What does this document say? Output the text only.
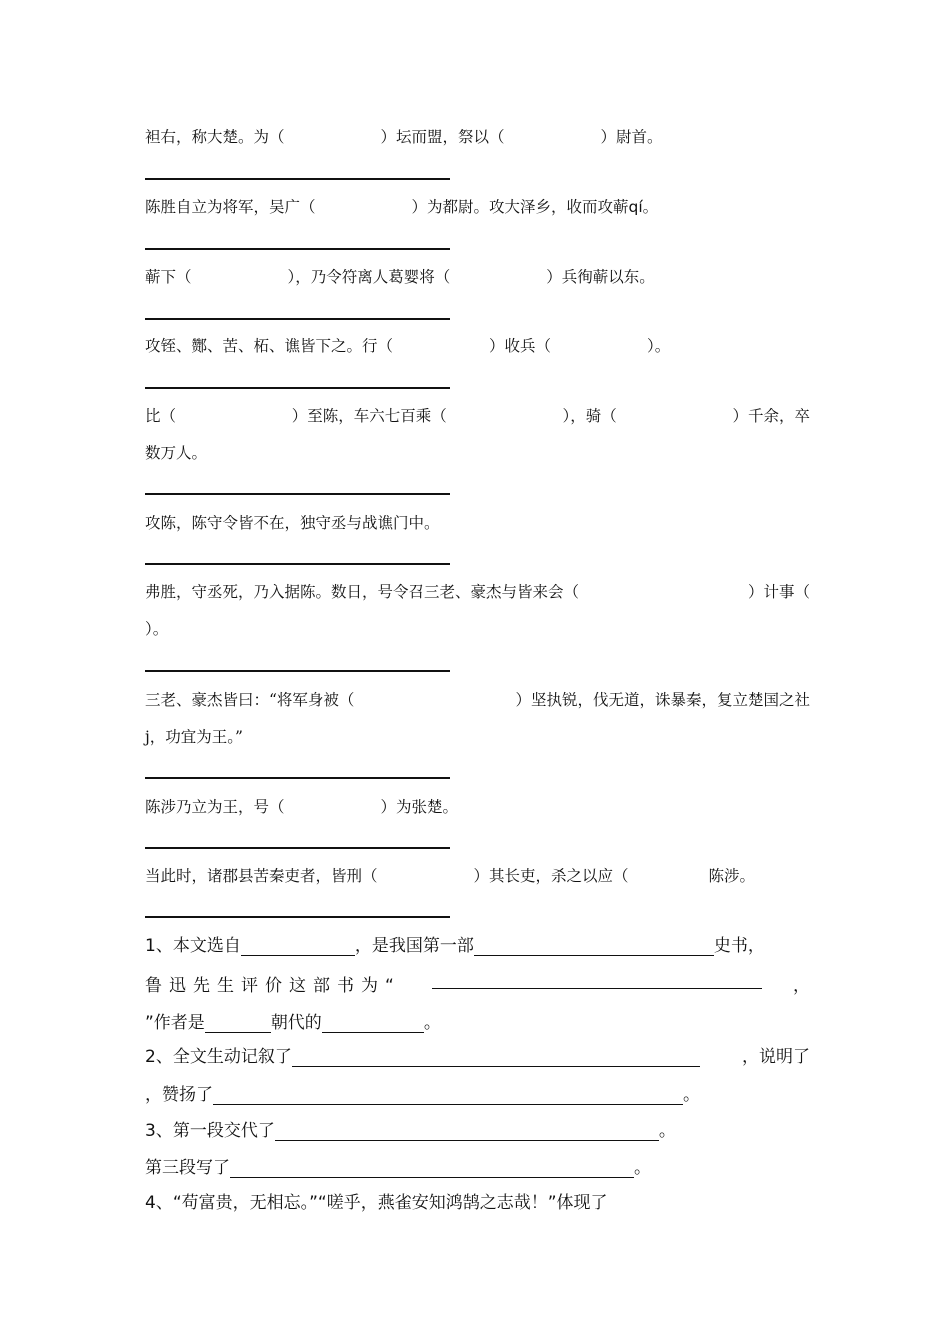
袒右，称大楚。为（	）坛而盟，祭以（	）尉首。
陈胜自立为将军，吴广（	）为都尉。攻大泽乡，收而攻蕲qí。
蕲下（	），乃令符离人葛婴将（	）兵徇蕲以东。
攻铚、酂、苦、柘、谯皆下之。行（	）收兵（	）。
比（	）至陈，车六七百乘（	），骑（	）千余，卒
数万人。
攻陈，陈守令皆不在，独守丞与战谯门中。
弗胜，守丞死，乃入据陈。数日，号令召三老、豪杰与皆来会（	）计事（
）。
三老、豪杰皆曰：“将军身被（	）坚执锐，伐无道，诛暴秦，复立楚国之社
j，功宜为王。”
陈涉乃立为王，号（	）为张楚。
当此时，诸郡县苦秦吏者，皆刑（	）其长吏，杀之以应（	陈涉。
1、本文选自	，是我国第一部	史书，
鲁迅先生评价这部书为“	，
”作者是	朝代的	。
2、全文生动记叙了	，说明了
，赞扬了	。
3、第一段交代了	。
第三段写了	。
4、“苟富贵，无相忘。”“嗟乎，燕雀安知鸿鹄之志哉！”体现了
